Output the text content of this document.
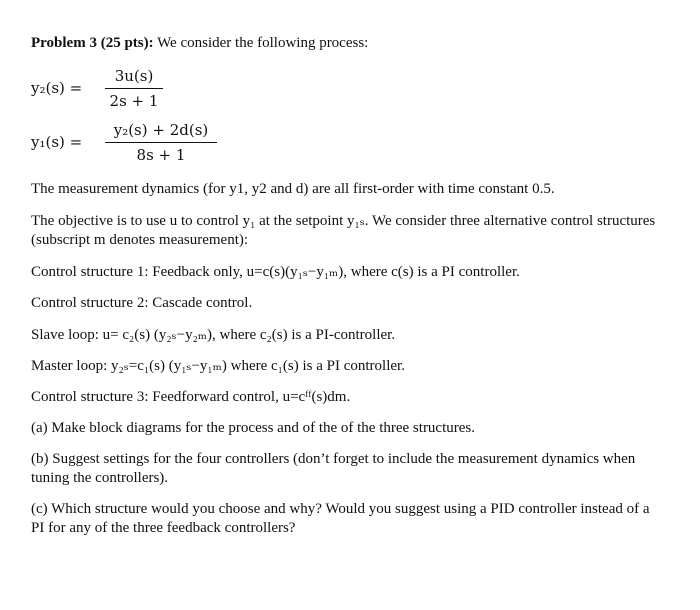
Problem 3 (25 pts): We consider the following process:
y₂(s) =
3u(s)
2s + 1
y₁(s) =
y₂(s) + 2d(s)
8s + 1
The measurement dynamics (for y1, y2 and d) are all first-order with time constant 0.5.
The objective is to use u to control y₁ at the setpoint y₁ₛ. We consider three alternative control structures (subscript m denotes measurement):
Control structure 1: Feedback only, u=c(s)(y₁ₛ−y₁ₘ), where c(s) is a PI controller.
Control structure 2: Cascade control.
Slave loop: u= c₂(s) (y₂ₛ−y₂ₘ), where c₂(s) is a PI-controller.
Master loop: y₂ₛ=c₁(s) (y₁ₛ−y₁ₘ) where c₁(s) is a PI controller.
Control structure 3: Feedforward control, u=cᶠᶠ(s)dm.
(a) Make block diagrams for the process and of the of the three structures.
(b) Suggest settings for the four controllers (don’t forget to include the measurement dynamics when tuning the controllers).
(c) Which structure would you choose and why? Would you suggest using a PID controller instead of a PI for any of the three feedback controllers?
